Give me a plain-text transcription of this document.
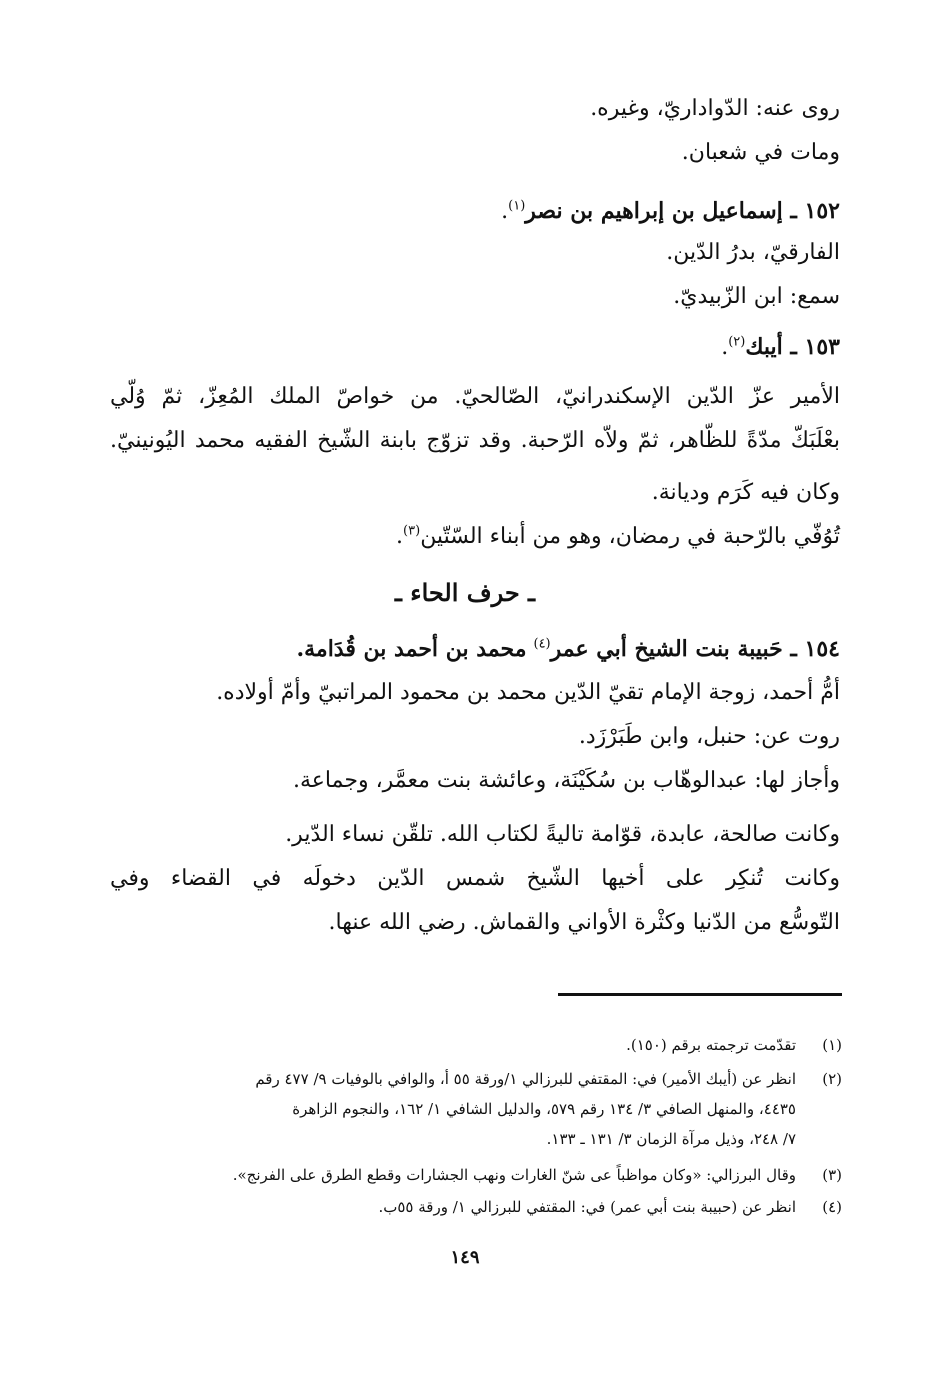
روى عنه: الدّواداريّ، وغيره.
ومات في شعبان.
١٥٢ ـ إسماعيل بن إبراهيم بن نصر$^{(١)}$.
الفارقيّ، بدرُ الدّين.
سمع: ابن الزّبيديّ.
١٥٣ ـ أيبك$^{(٢)}$.
الأمير عزّ الدّين الإسكندرانيّ، الصّالحيّ. من خواصّ الملك المُعِزّ، ثمّ وُلّي
بعْلَبَكّ مدّةً للظّاهر، ثمّ ولاّه الرّحبة. وقد تزوّج بابنة الشّيخ الفقيه محمد اليُونينيّ.
وكان فيه كَرَم وديانة.
تُوُفّي بالرّحبة في رمضان، وهو من أبناء السّتّين$^{(٣)}$.
ـ حرف الحاء ـ
١٥٤ ـ حَبيبة بنت الشيخ أبي عمر$^{(٤)}$ محمد بن أحمد بن قُدَامة.
أمُّ أحمد، زوجة الإمام تقيّ الدّين محمد بن محمود المراتبيّ وأمّ أولاده.
روت عن: حنبل، وابن طَبَرْزَد.
وأجاز لها: عبدالوهّاب بن سُكَيْنَة، وعائشة بنت معمَّر، وجماعة.
وكانت صالحة، عابدة، قوّامة تاليةً لكتاب الله. تلقّن نساء الدّير.
وكانت تُنكِر على أخيها الشّيخ شمس الدّين دخولَه في القضاء وفي
التّوسُّع من الدّنيا وكثْرة الأواني والقماش. رضي الله عنها.
(١)تقدّمت ترجمته برقم (١٥٠).
(٢)انظر عن (أيبك الأمير) في: المقتفي للبرزالي ١/ورقة ٥٥ أ، والوافي بالوفيات ٩/ ٤٧٧ رقم
٤٤٣٥، والمنهل الصافي ٣/ ١٣٤ رقم ٥٧٩، والدليل الشافي ١/ ١٦٢، والنجوم الزاهرة
٧/ ٢٤٨، وذيل مرآة الزمان ٣/ ١٣١ ـ ١٣٣.
(٣)وقال البرزالي: «وكان مواظباً عى شنّ الغارات ونهب الجشارات وقطع الطرق على الفرنج».
(٤)انظر عن (حبيبة بنت أبي عمر) في: المقتفي للبرزالي ١/ ورقة ٥٥ب.
١٤٩
